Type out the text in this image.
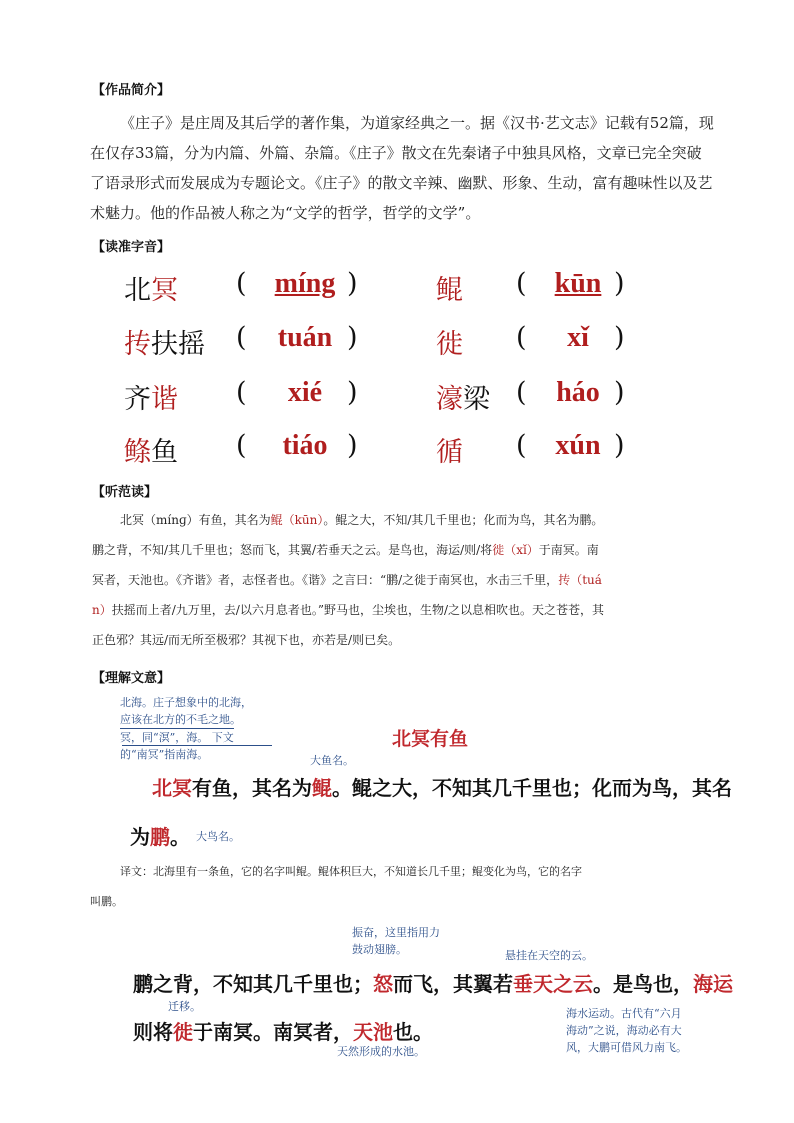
【作品简介】

《庄子》是庄周及其后学的著作集，为道家经典之一。据《汉书·艺文志》记载有52篇，现在仅存33篇，分为内篇、外篇、杂篇。《庄子》散文在先秦诸子中独具风格，文章已完全突破了语录形式而发展成为专题论文。《庄子》的散文辛辣、幽默、形象、生动，富有趣味性以及艺术魅力。他的作品被人称之为“文学的哲学，哲学的文学”。

【读准字音】
北冥 (	míng )	鲲 (	kūn )
抟扶摇 (	tuán )	徙 (	xǐ )
齐谐 (	xié )	濠梁 (	háo )
鲦鱼 (	tiáo )	循 (	xún )
【听范读】
北冥（mínɡ）有鱼，其名为鲲（kūn）。鲲之大，不知/其几千里也；化而为鸟，其名为鹏。
鹏之背，不知/其几千里也；怒而飞，其翼/若垂天之云。是鸟也，海运/则/将徙（xǐ）于南冥。南
冥者，天池也。《齐谐》者，志怪者也。《谐》之言曰：“鹏/之徙于南冥也，水击三千里，抟（tuá
n）扶摇而上者/九万里，去/以六月息者也。”野马也，尘埃也，生物/之以息相吹也。天之苍苍，其
正色邪？其远/而无所至极邪？其视下也，亦若是/则已矣。
【理解文意】
北海。庄子想象中的北海，
应该在北方的不毛之地。
冥，同“溟”，海。 下文
的“南冥”指南海。
北冥有鱼
大鱼名。
北冥有鱼，其名为鲲。鲲之大，不知其几千里也；化而为鸟，其名
为鹏。 大鸟名。
译文：北海里有一条鱼，它的名字叫鲲。鲲体积巨大，不知道长几千里；鲲变化为鸟，它的名字
叫鹏。
振奋，这里指用力
鼓动翅膀。	悬挂在天空的云。
鹏之背，不知其几千里也；怒而飞，其翼若垂天之云。是鸟也，海运
迁移。
则将徙于南冥。南冥者，天池也。
海水运动。古代有“六月
海动”之说，海动必有大
风，大鹏可借风力南飞。
天然形成的水池。
